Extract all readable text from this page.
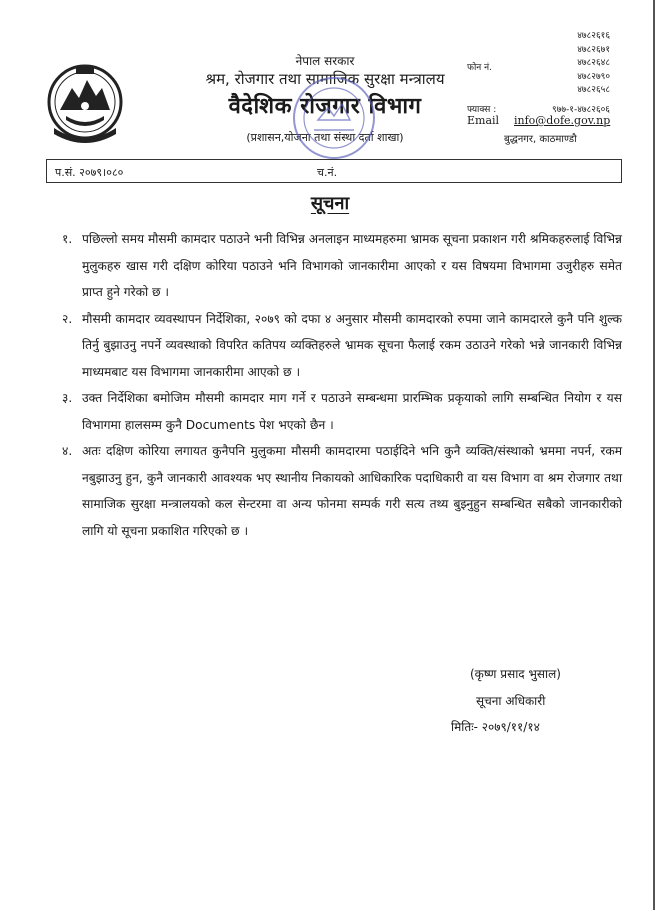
नेपाल सरकार
श्रम, रोजगार तथा सामाजिक सुरक्षा मन्त्रालय
वैदेशिक रोजगार विभाग
(प्रशासन,योजना तथा संस्था दर्ता शाखा)
४७८२६१६
४७८२६७१
४७८२६४८
४७८२७९०
४७८२६५८
फोन नं.
फ्याक्स :	९७७-१-४७८२६०६
Email info@dofe.gov.np
बुद्धनगर, काठमाण्डौ
प.सं. २०७९।०८०	च.नं.
सूचना

१. पछिल्लो समय मौसमी कामदार पठाउने भनी विभिन्न अनलाइन माध्यमहरुमा भ्रामक सूचना प्रकाशन गरी श्रमिकहरुलाई विभिन्न मुलुकहरु खास गरी दक्षिण कोरिया पठाउने भनि विभागको जानकारीमा आएको र यस विषयमा विभागमा उजुरीहरु समेत प्राप्त हुने गरेको छ ।

२. मौसमी कामदार व्यवस्थापन निर्देशिका, २०७९ को दफा ४ अनुसार मौसमी कामदारको रुपमा जाने कामदारले कुनै पनि शुल्क तिर्नु बुझाउनु नपर्ने व्यवस्थाको विपरित कतिपय व्यक्तिहरुले भ्रामक सूचना फैलाई रकम उठाउने गरेको भन्ने जानकारी विभिन्न माध्यमबाट यस विभागमा जानकारीमा आएको छ ।

३. उक्त निर्देशिका बमोजिम मौसमी कामदार माग गर्ने र पठाउने सम्बन्धमा प्रारम्भिक प्रकृयाको लागि सम्बन्धित नियोग र यस विभागमा हालसम्म कुनै Documents पेश भएको छैन ।

४. अतः दक्षिण कोरिया लगायत कुनैपनि मुलुकमा मौसमी कामदारमा पठाईदिने भनि कुनै व्यक्ति/संस्थाको भ्रममा नपर्न, रकम नबुझाउनु हुन, कुनै जानकारी आवश्यक भए स्थानीय निकायको आधिकारिक पदाधिकारी वा यस विभाग वा श्रम रोजगार तथा सामाजिक सुरक्षा मन्त्रालयको कल सेन्टरमा वा अन्य फोनमा सम्पर्क गरी सत्य तथ्य बुझ्नुहुन सम्बन्धित सबैको जानकारीको लागि यो सूचना प्रकाशित गरिएको छ ।

(कृष्ण प्रसाद भुसाल)
सूचना अधिकारी
मितिः- २०७९/११/१४
